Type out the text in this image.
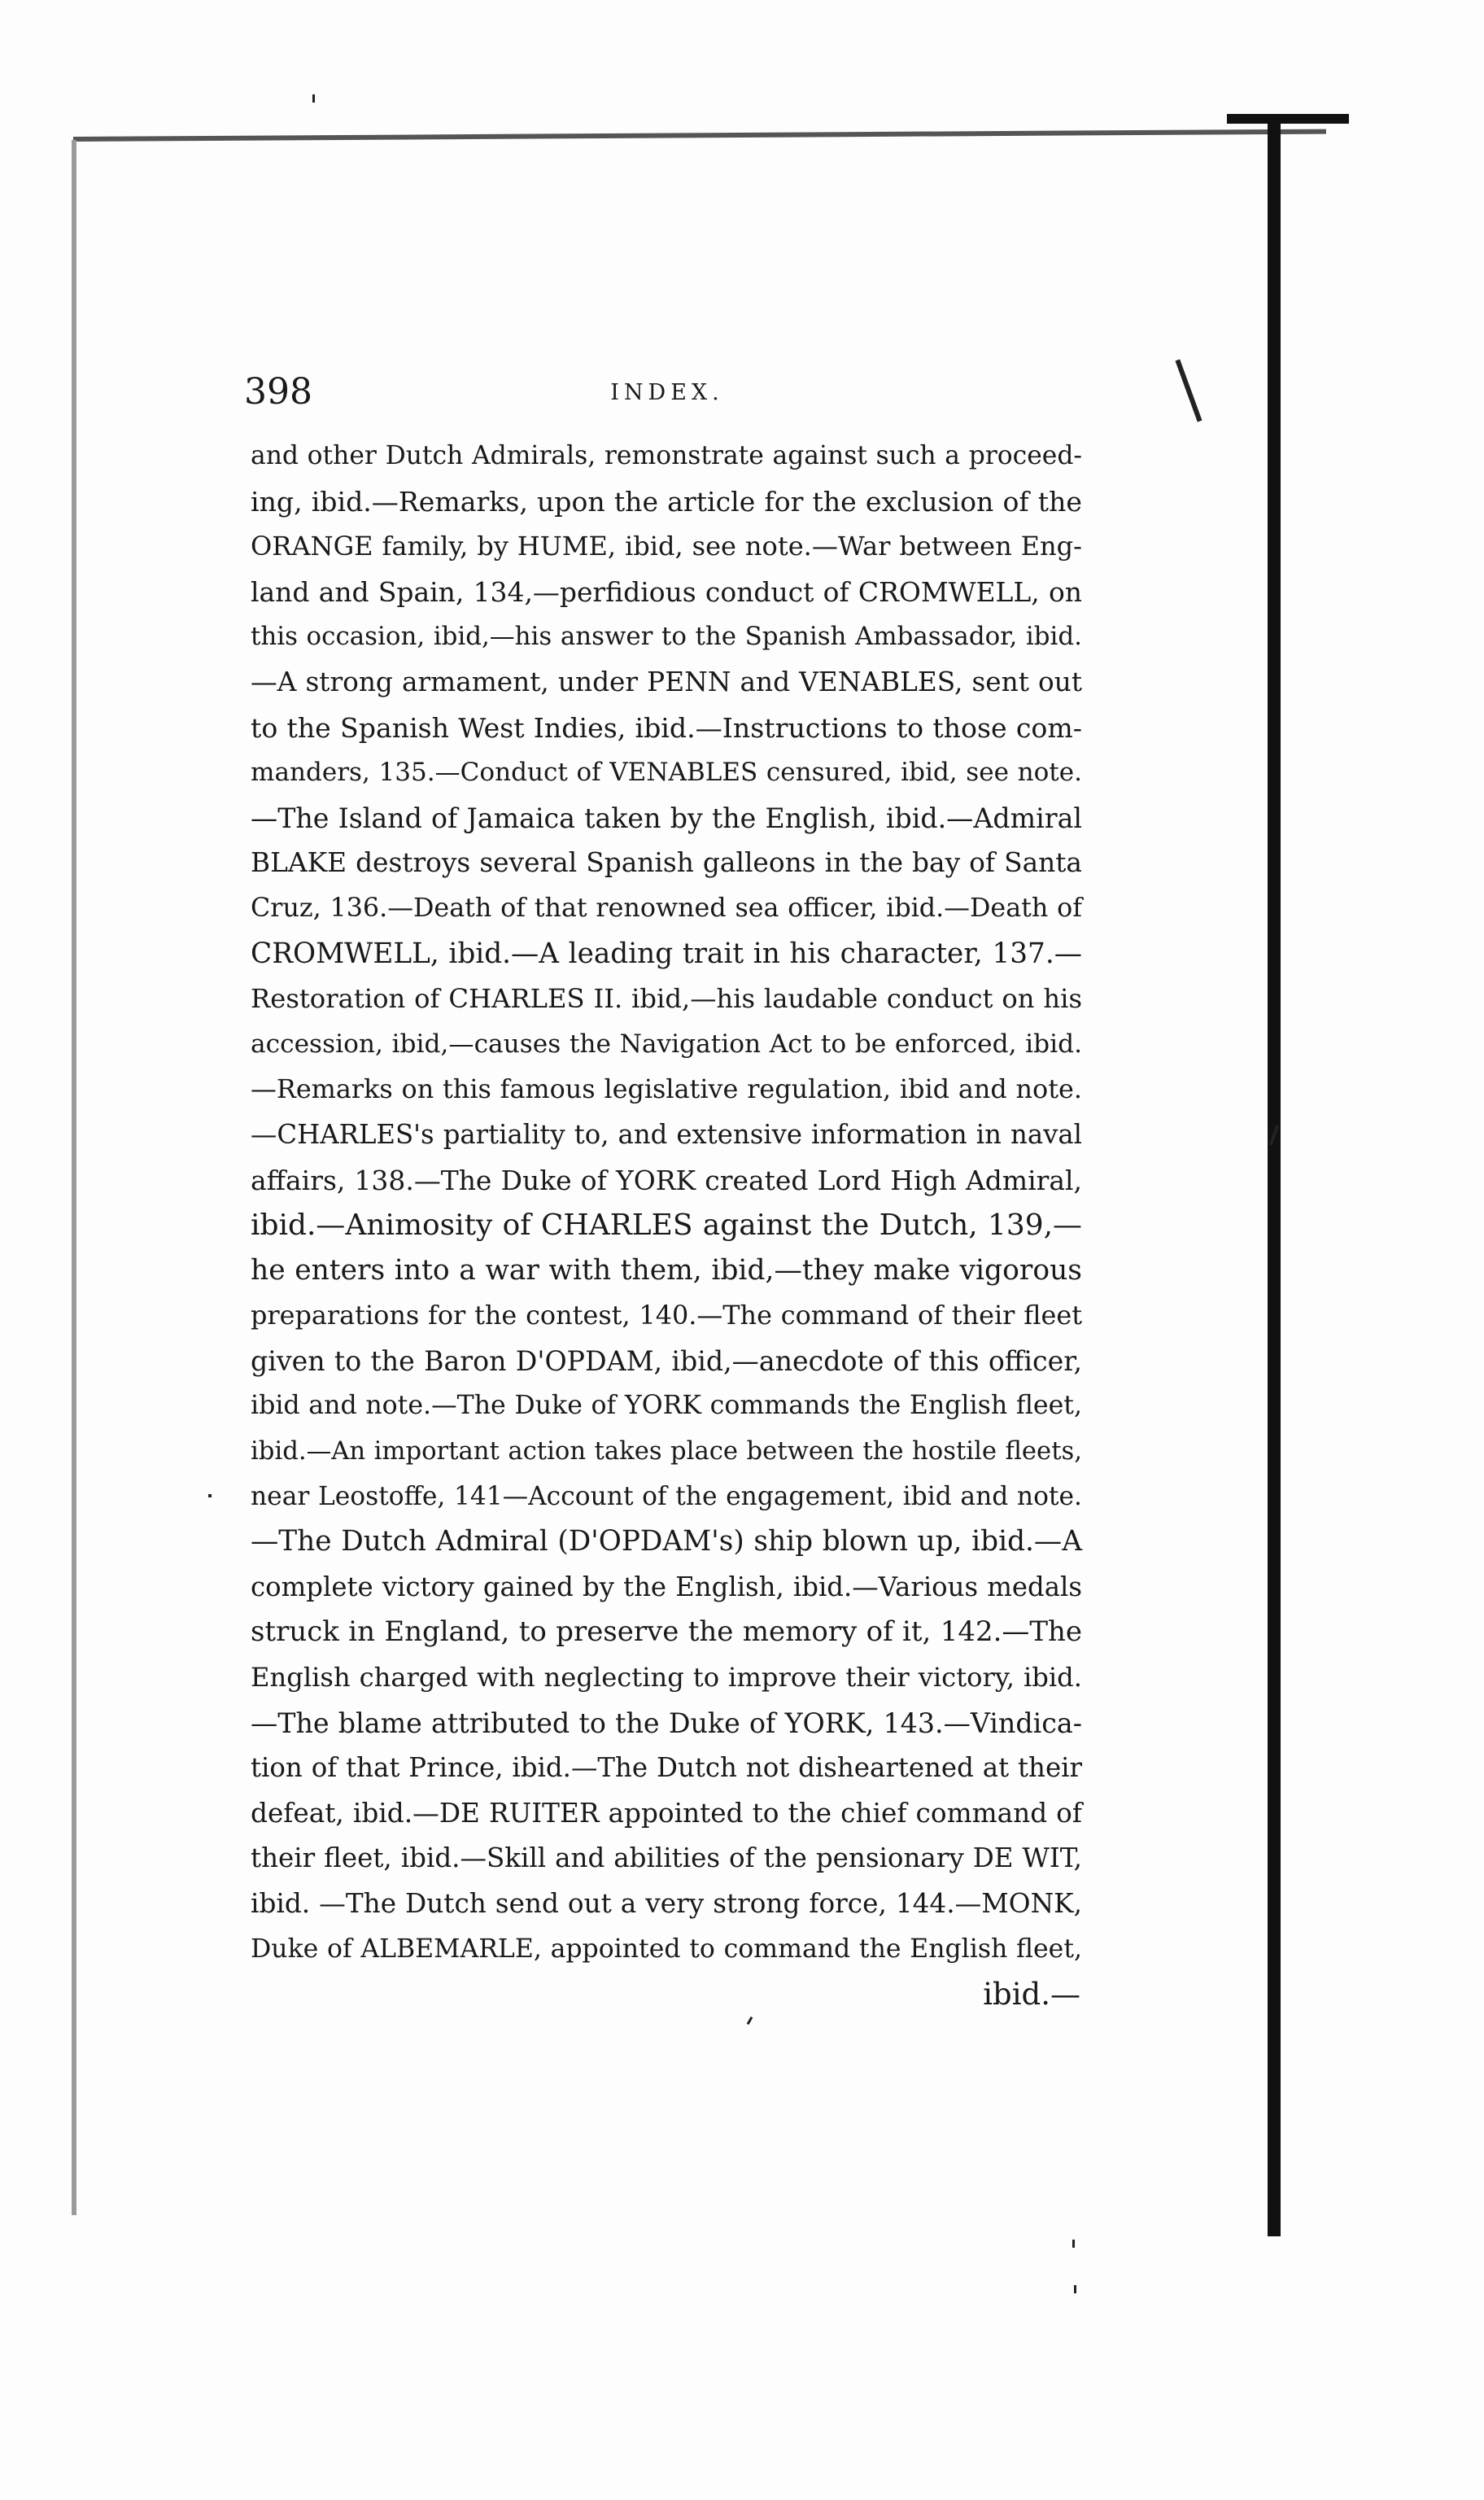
398	INDEX.
and other Dutch Admirals, remonstrate against such a proceed-
ing, ibid.—Remarks, upon the article for the exclusion of the
ORANGE family, by HUME, ibid, see note.—War between Eng-
land and Spain, 134,—perfidious conduct of CROMWELL, on
this occasion, ibid,—his answer to the Spanish Ambassador, ibid.
—A strong armament, under PENN and VENABLES, sent out
to the Spanish West Indies, ibid.—Instructions to those com-
manders, 135.—Conduct of VENABLES censured, ibid, see note.
—The Island of Jamaica taken by the English, ibid.—Admiral
BLAKE destroys several Spanish galleons in the bay of Santa
Cruz, 136.—Death of that renowned sea officer, ibid.—Death of
CROMWELL, ibid.—A leading trait in his character, 137.—
Restoration of CHARLES II. ibid,—his laudable conduct on his
accession, ibid,—causes the Navigation Act to be enforced, ibid.
—Remarks on this famous legislative regulation, ibid and note.
—CHARLES's partiality to, and extensive information in naval
affairs, 138.—The Duke of YORK created Lord High Admiral,
ibid.—Animosity of CHARLES against the Dutch, 139,—
he enters into a war with them, ibid,—they make vigorous
preparations for the contest, 140.—The command of their fleet
given to the Baron D'OPDAM, ibid,—anecdote of this officer,
ibid and note.—The Duke of YORK commands the English fleet,
ibid.—An important action takes place between the hostile fleets,
near Leostoffe, 141—Account of the engagement, ibid and note.
—The Dutch Admiral (D'OPDAM's) ship blown up, ibid.—A
complete victory gained by the English, ibid.—Various medals
struck in England, to preserve the memory of it, 142.—The
English charged with neglecting to improve their victory, ibid.
—The blame attributed to the Duke of YORK, 143.—Vindica-
tion of that Prince, ibid.—The Dutch not disheartened at their
defeat, ibid.—DE RUITER appointed to the chief command of
their fleet, ibid.—Skill and abilities of the pensionary DE WIT,
ibid. —The Dutch send out a very strong force, 144.—MONK,
Duke of ALBEMARLE, appointed to command the English fleet,
ibid.—
